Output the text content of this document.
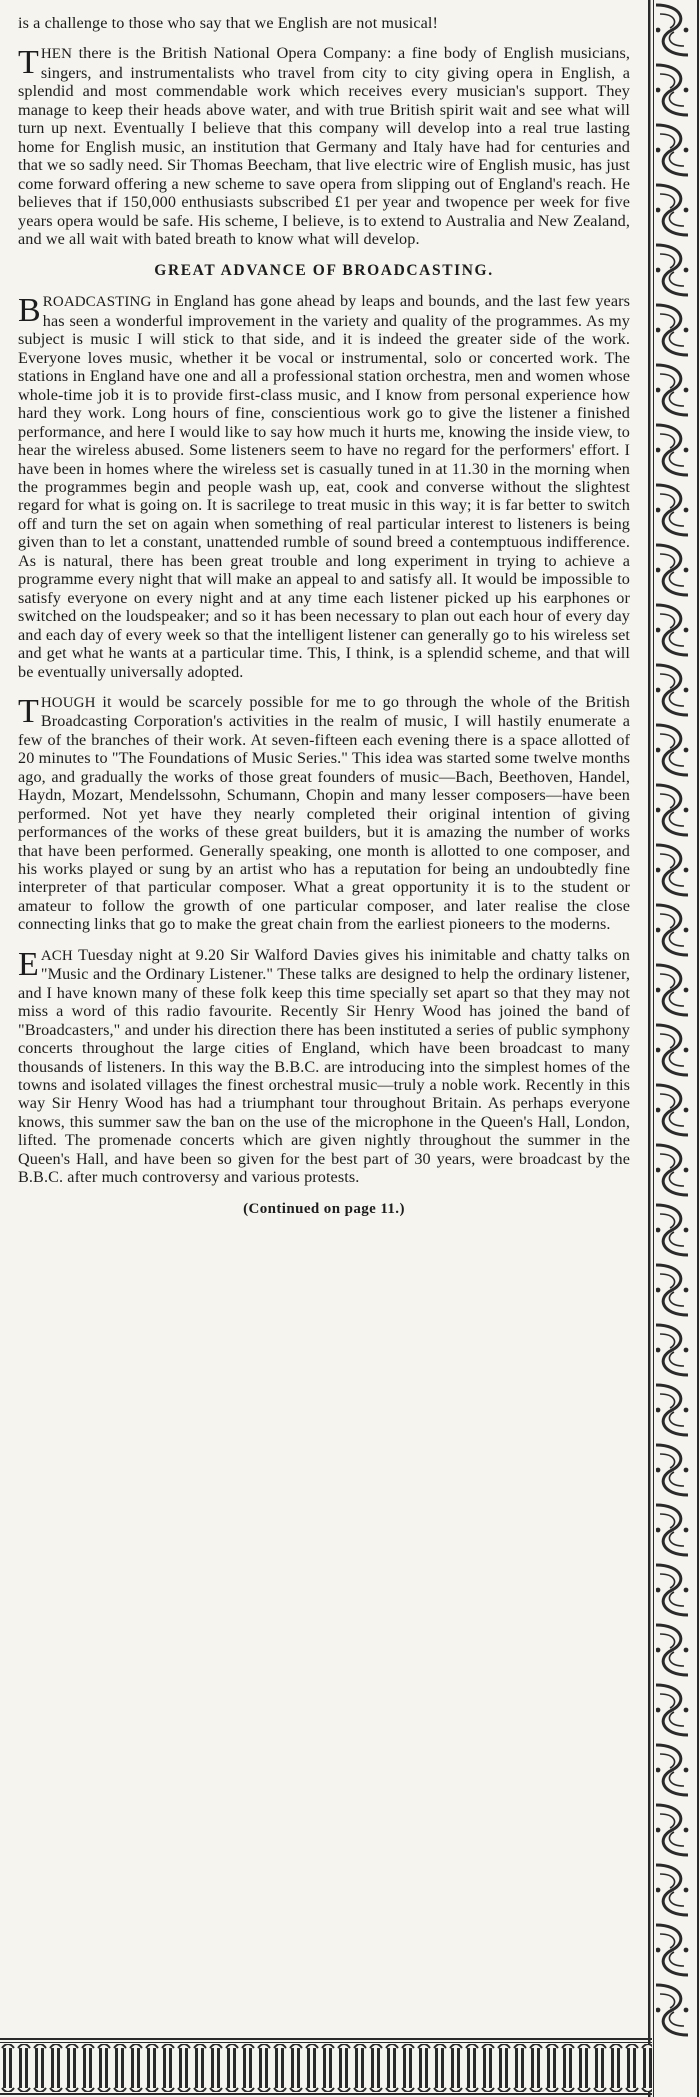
is a challenge to those who say that we English are not musical!

THEN there is the British National Opera Company: a fine body of English musicians, singers, and instrumentalists who travel from city to city giving opera in English, a splendid and most commendable work which receives every musician's support. They manage to keep their heads above water, and with true British spirit wait and see what will turn up next. Eventually I believe that this company will develop into a real true lasting home for English music, an institution that Germany and Italy have had for centuries and that we so sadly need. Sir Thomas Beecham, that live electric wire of English music, has just come forward offering a new scheme to save opera from slipping out of England's reach. He believes that if 150,000 enthusiasts subscribed £1 per year and twopence per week for five years opera would be safe. His scheme, I believe, is to extend to Australia and New Zealand, and we all wait with bated breath to know what will develop.

GREAT ADVANCE OF BROADCASTING.

BROADCASTING in England has gone ahead by leaps and bounds, and the last few years has seen a wonderful improvement in the variety and quality of the programmes. As my subject is music I will stick to that side, and it is indeed the greater side of the work. Everyone loves music, whether it be vocal or instrumental, solo or concerted work. The stations in England have one and all a professional station orchestra, men and women whose whole-time job it is to provide first-class music, and I know from personal experience how hard they work. Long hours of fine, conscientious work go to give the listener a finished performance, and here I would like to say how much it hurts me, knowing the inside view, to hear the wireless abused. Some listeners seem to have no regard for the performers' effort. I have been in homes where the wireless set is casually tuned in at 11.30 in the morning when the programmes begin and people wash up, eat, cook and converse without the slightest regard for what is going on. It is sacrilege to treat music in this way; it is far better to switch off and turn the set on again when something of real particular interest to listeners is being given than to let a constant, unattended rumble of sound breed a contemptuous indifference. As is natural, there has been great trouble and long experiment in trying to achieve a programme every night that will make an appeal to and satisfy all. It would be impossible to satisfy everyone on every night and at any time each listener picked up his earphones or switched on the loudspeaker; and so it has been necessary to plan out each hour of every day and each day of every week so that the intelligent listener can generally go to his wireless set and get what he wants at a particular time. This, I think, is a splendid scheme, and that will be eventually universally adopted.

THOUGH it would be scarcely possible for me to go through the whole of the British Broadcasting Corporation's activities in the realm of music, I will hastily enumerate a few of the branches of their work. At seven-fifteen each evening there is a space allotted of 20 minutes to "The Foundations of Music Series." This idea was started some twelve months ago, and gradually the works of those great founders of music—Bach, Beethoven, Handel, Haydn, Mozart, Mendelssohn, Schumann, Chopin and many lesser composers—have been performed. Not yet have they nearly completed their original intention of giving performances of the works of these great builders, but it is amazing the number of works that have been performed. Generally speaking, one month is allotted to one composer, and his works played or sung by an artist who has a reputation for being an undoubtedly fine interpreter of that particular composer. What a great opportunity it is to the student or amateur to follow the growth of one particular composer, and later realise the close connecting links that go to make the great chain from the earliest pioneers to the moderns.

EACH Tuesday night at 9.20 Sir Walford Davies gives his inimitable and chatty talks on "Music and the Ordinary Listener." These talks are designed to help the ordinary listener, and I have known many of these folk keep this time specially set apart so that they may not miss a word of this radio favourite. Recently Sir Henry Wood has joined the band of "Broadcasters," and under his direction there has been instituted a series of public symphony concerts throughout the large cities of England, which have been broadcast to many thousands of listeners. In this way the B.B.C. are introducing into the simplest homes of the towns and isolated villages the finest orchestral music—truly a noble work. Recently in this way Sir Henry Wood has had a triumphant tour throughout Britain. As perhaps everyone knows, this summer saw the ban on the use of the microphone in the Queen's Hall, London, lifted. The promenade concerts which are given nightly throughout the summer in the Queen's Hall, and have been so given for the best part of 30 years, were broadcast by the B.B.C. after much controversy and various protests.

(Continued on page 11.)
